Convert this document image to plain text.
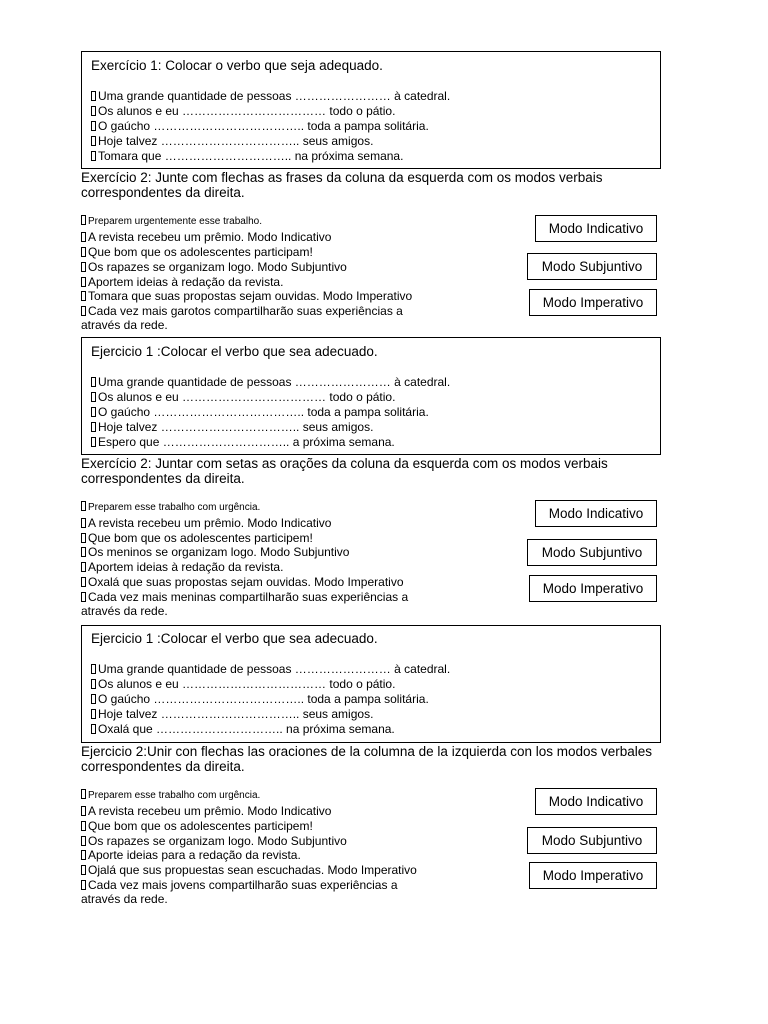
Exercício 1: Colocar o verbo que seja adequado.
Uma grande quantidade de pessoas …………………… à catedral.
Os alunos e eu ……………………………… todo o pátio.
O gaúcho ……………………………….. toda a pampa solitária.
Hoje talvez …………………………….. seus amigos.
Tomara que ………………………….. na próxima semana.
Exercício 2: Junte com flechas as frases da coluna da esquerda com os modos verbais correspondentes da direita.
Preparem urgentemente esse trabalho.
A revista recebeu um prêmio. Modo Indicativo
Que bom que os adolescentes participam!
Os rapazes se organizam logo. Modo Subjuntivo
Aportem ideias à redação da revista.
Tomara que suas propostas sejam ouvidas. Modo Imperativo
Cada vez mais garotos compartilharão suas experiências a
através da rede.
Modo Indicativo
Modo Subjuntivo
Modo Imperativo
Ejercicio 1 :Colocar el verbo que sea adecuado.
Uma grande quantidade de pessoas …………………… à catedral.
Os alunos e eu ……………………………… todo o pátio.
O gaúcho ……………………………….. toda a pampa solitária.
Hoje talvez …………………………….. seus amigos.
Espero que ………………………….. a próxima semana.
Exercício 2: Juntar com setas as orações da coluna da esquerda com os modos verbais correspondentes da direita.
Preparem esse trabalho com urgência.
A revista recebeu um prêmio. Modo Indicativo
Que bom que os adolescentes participem!
Os meninos se organizam logo. Modo Subjuntivo
Aportem ideias à redação da revista.
Oxalá que suas propostas sejam ouvidas. Modo Imperativo
Cada vez mais meninas compartilharão suas experiências a
através da rede.
Modo Indicativo
Modo Subjuntivo
Modo Imperativo
Ejercicio 1 :Colocar el verbo que sea adecuado.
Uma grande quantidade de pessoas …………………… à catedral.
Os alunos e eu ……………………………… todo o pátio.
O gaúcho ……………………………….. toda a pampa solitária.
Hoje talvez …………………………….. seus amigos.
Oxalá que ………………………….. na próxima semana.
Ejercicio 2:Unir con flechas las oraciones de la columna de la izquierda con los modos verbales correspondentes da direita.
Preparem esse trabalho com urgência.
A revista recebeu um prêmio. Modo Indicativo
Que bom que os adolescentes participem!
Os rapazes se organizam logo. Modo Subjuntivo
Aporte ideias para a redação da revista.
Ojalá que sus propuestas sean escuchadas. Modo Imperativo
Cada vez mais jovens compartilharão suas experiências a
através da rede.
Modo Indicativo
Modo Subjuntivo
Modo Imperativo
